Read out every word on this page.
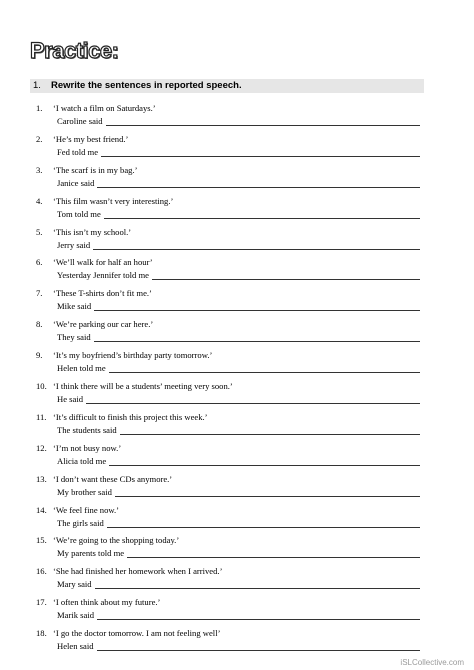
Practice:
1. Rewrite the sentences in reported speech.
1. ‘I watch a film on Saturdays.’
Caroline said
2. ‘He’s my best friend.’
Fed told me
3. ‘The scarf is in my bag.’
Janice said
4. ‘This film wasn’t very interesting.’
Tom told me
5. ‘This isn’t my school.’
Jerry said
6. ‘We’ll walk for half an hour’
Yesterday Jennifer told me
7. ‘These T-shirts don’t fit me.’
Mike said
8. ‘We’re parking our car here.’
They said
9. ‘It’s my boyfriend’s birthday party tomorrow.’
Helen told me
10. ‘I think there will be a students’ meeting very soon.’
He said
11. ‘It’s difficult to finish this project this week.’
The students said
12. ‘I’m not busy now.’
Alicia told me
13. ‘I don’t want these CDs anymore.’
My brother said
14. ‘We feel fine now.’
The girls said
15. ‘We’re going to the shopping today.’
My parents told me
16. ‘She had finished her homework when I arrived.’
Mary said
17. ‘I often think about my future.’
Marik said
18. ‘I go the doctor tomorrow. I am not feeling well’
Helen said
iSLCollective.com
